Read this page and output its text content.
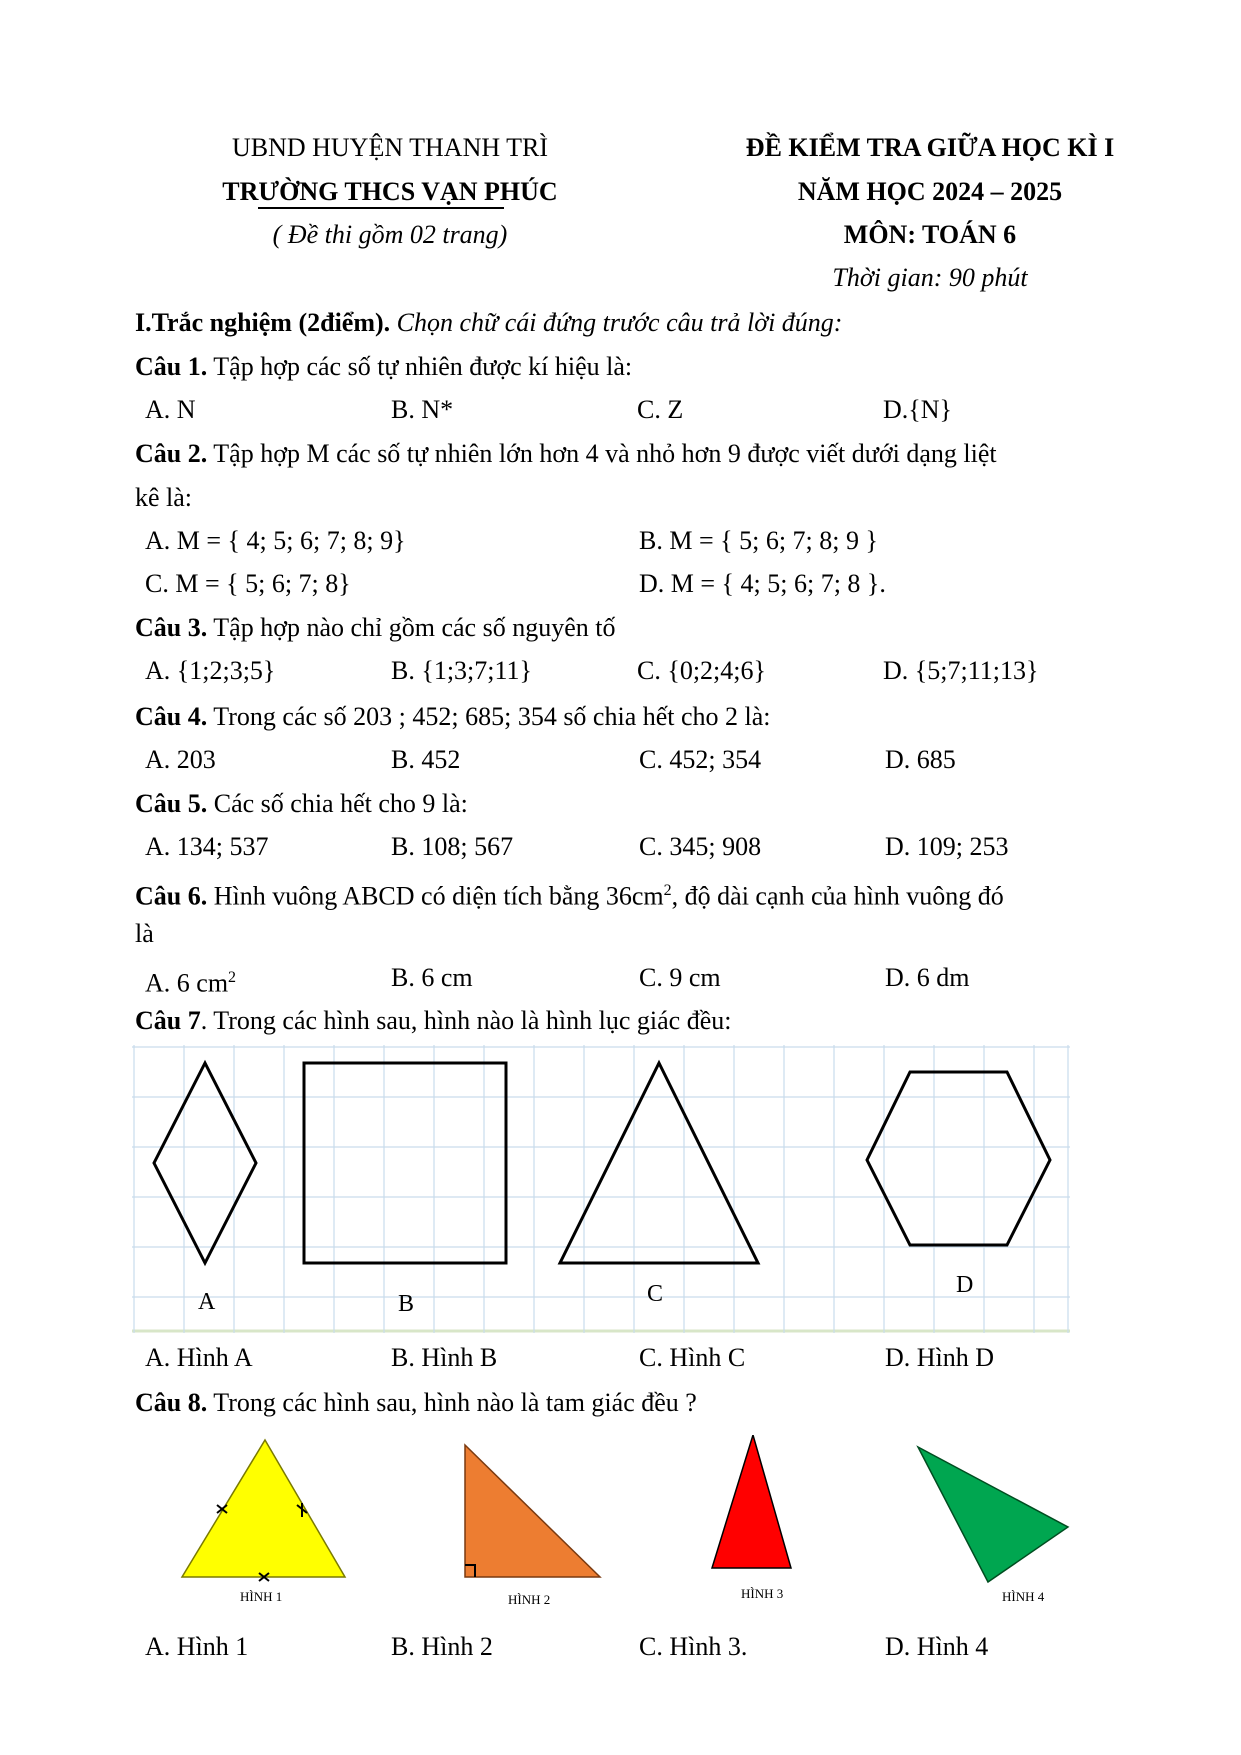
UBND HUYỆN THANH TRÌ
TRƯỜNG THCS VẠN PHÚC
( Đề thi gồm 02 trang)
ĐỀ KIỂM TRA GIỮA HỌC KÌ I
NĂM HỌC 2024 – 2025
MÔN: TOÁN 6
Thời gian: 90 phút
I.Trắc nghiệm (2điểm). Chọn chữ cái đứng trước câu trả lời đúng:
Câu 1. Tập hợp các số tự nhiên được kí hiệu là:
A. N	B. N*	C. Z	D.{N}
Câu 2. Tập hợp M các số tự nhiên lớn hơn 4 và nhỏ hơn 9 được viết dưới dạng liệt
kê là:
A. M = { 4; 5; 6; 7; 8; 9}	B. M = { 5; 6; 7; 8; 9 }
C. M = { 5; 6; 7; 8}	D. M = { 4; 5; 6; 7; 8 }.
Câu 3. Tập hợp nào chỉ gồm các số nguyên tố
A. {1;2;3;5}	B. {1;3;7;11}	C. {0;2;4;6}	D. {5;7;11;13}
Câu 4. Trong các số 203 ; 452; 685; 354 số chia hết cho 2 là:
A. 203	B. 452	C. 452; 354	D. 685
Câu 5. Các số chia hết cho 9 là:
A. 134; 537	B. 108; 567	C. 345; 908	D. 109; 253
Câu 6. Hình vuông ABCD có diện tích bằng $36cm^2$, độ dài cạnh của hình vuông đó
là
A. 6 $cm^2$	B. 6 cm	C. 9 cm	D. 6 dm
Câu 7. Trong các hình sau, hình nào là hình lục giác đều:
A	B	C	D
A. Hình A	B. Hình B	C. Hình C	D. Hình D
Câu 8. Trong các hình sau, hình nào là tam giác đều ?
HÌNH 1	HÌNH 2	HÌNH 3	HÌNH 4
A. Hình 1	B. Hình 2	C. Hình 3.	D. Hình 4
